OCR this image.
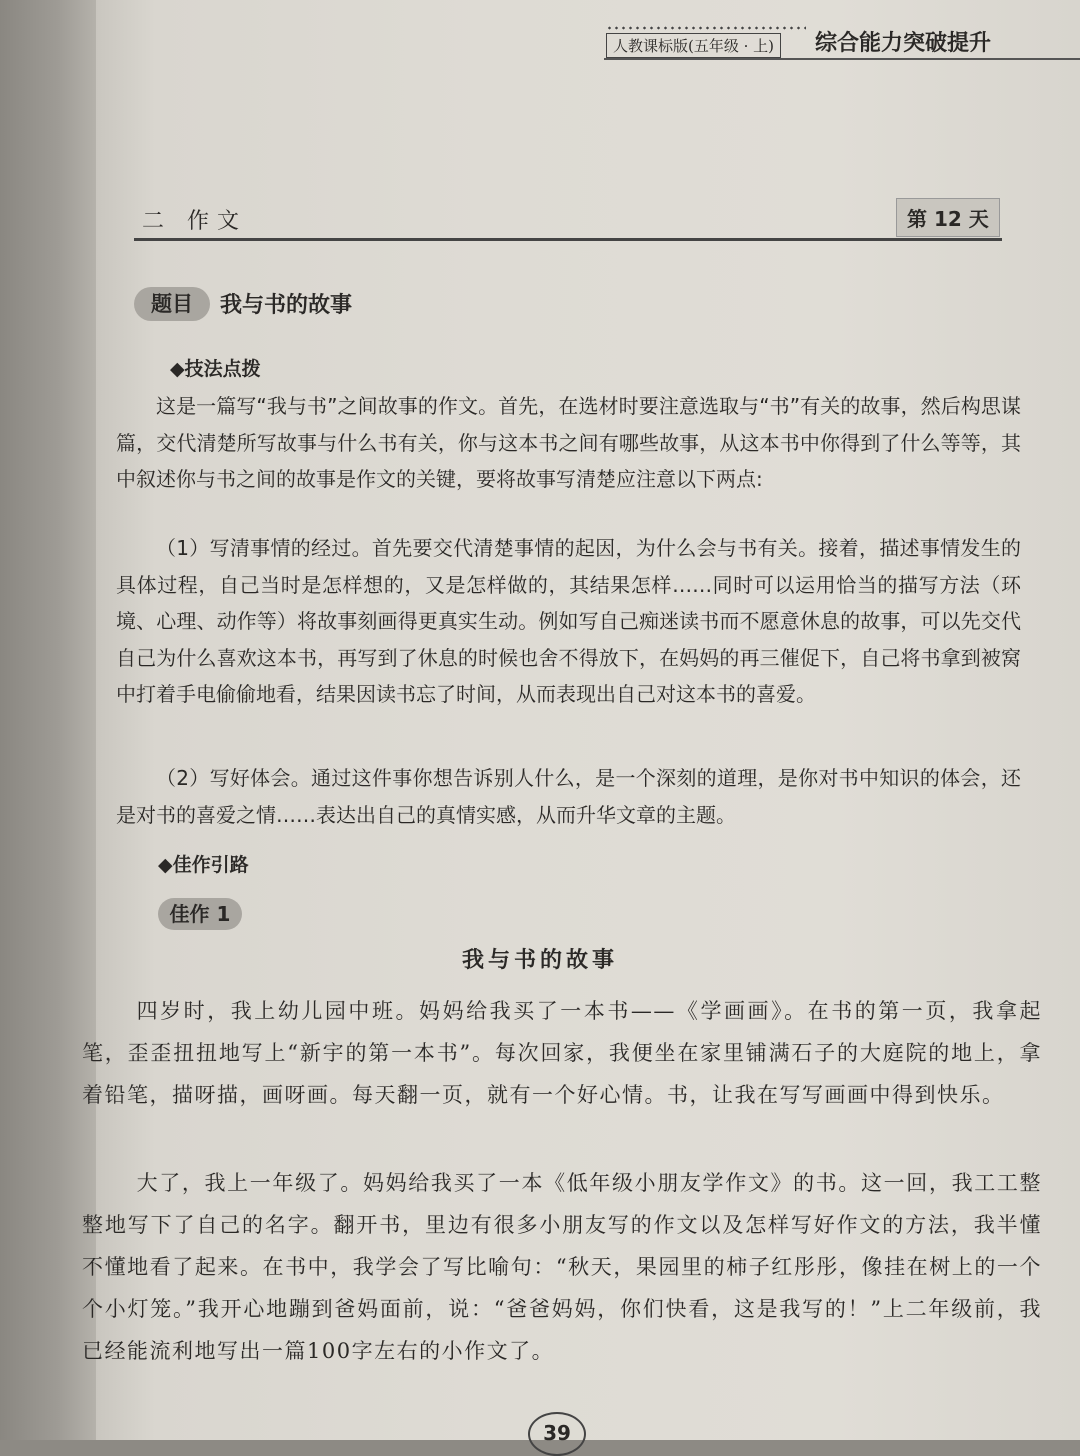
人教课标版(五年级 · 上)	综合能力突破提升
二 作文	第 12 天
题目	我与书的故事
◆技法点拨
这是一篇写“我与书”之间故事的作文。首先，在选材时要注意选取与“书”有关的故事，然后构思谋篇，交代清楚所写故事与什么书有关，你与这本书之间有哪些故事，从这本书中你得到了什么等等，其中叙述你与书之间的故事是作文的关键，要将故事写清楚应注意以下两点:
（1）写清事情的经过。首先要交代清楚事情的起因，为什么会与书有关。接着，描述事情发生的具体过程，自己当时是怎样想的，又是怎样做的，其结果怎样……同时可以运用恰当的描写方法（环境、心理、动作等）将故事刻画得更真实生动。例如写自己痴迷读书而不愿意休息的故事，可以先交代自己为什么喜欢这本书，再写到了休息的时候也舍不得放下，在妈妈的再三催促下，自己将书拿到被窝中打着手电偷偷地看，结果因读书忘了时间，从而表现出自己对这本书的喜爱。
（2）写好体会。通过这件事你想告诉别人什么，是一个深刻的道理，是你对书中知识的体会，还是对书的喜爱之情……表达出自己的真情实感，从而升华文章的主题。
◆佳作引路
佳作 1
我与书的故事
四岁时，我上幼儿园中班。妈妈给我买了一本书——《学画画》。在书的第一页，我拿起笔，歪歪扭扭地写上“新宇的第一本书”。每次回家，我便坐在家里铺满石子的大庭院的地上，拿着铅笔，描呀描，画呀画。每天翻一页，就有一个好心情。书，让我在写写画画中得到快乐。
大了，我上一年级了。妈妈给我买了一本《低年级小朋友学作文》的书。这一回，我工工整整地写下了自己的名字。翻开书，里边有很多小朋友写的作文以及怎样写好作文的方法，我半懂不懂地看了起来。在书中，我学会了写比喻句：“秋天，果园里的柿子红彤彤，像挂在树上的一个个小灯笼。”我开心地蹦到爸妈面前，说：“爸爸妈妈，你们快看，这是我写的！”上二年级前，我已经能流利地写出一篇100字左右的小作文了。
39
